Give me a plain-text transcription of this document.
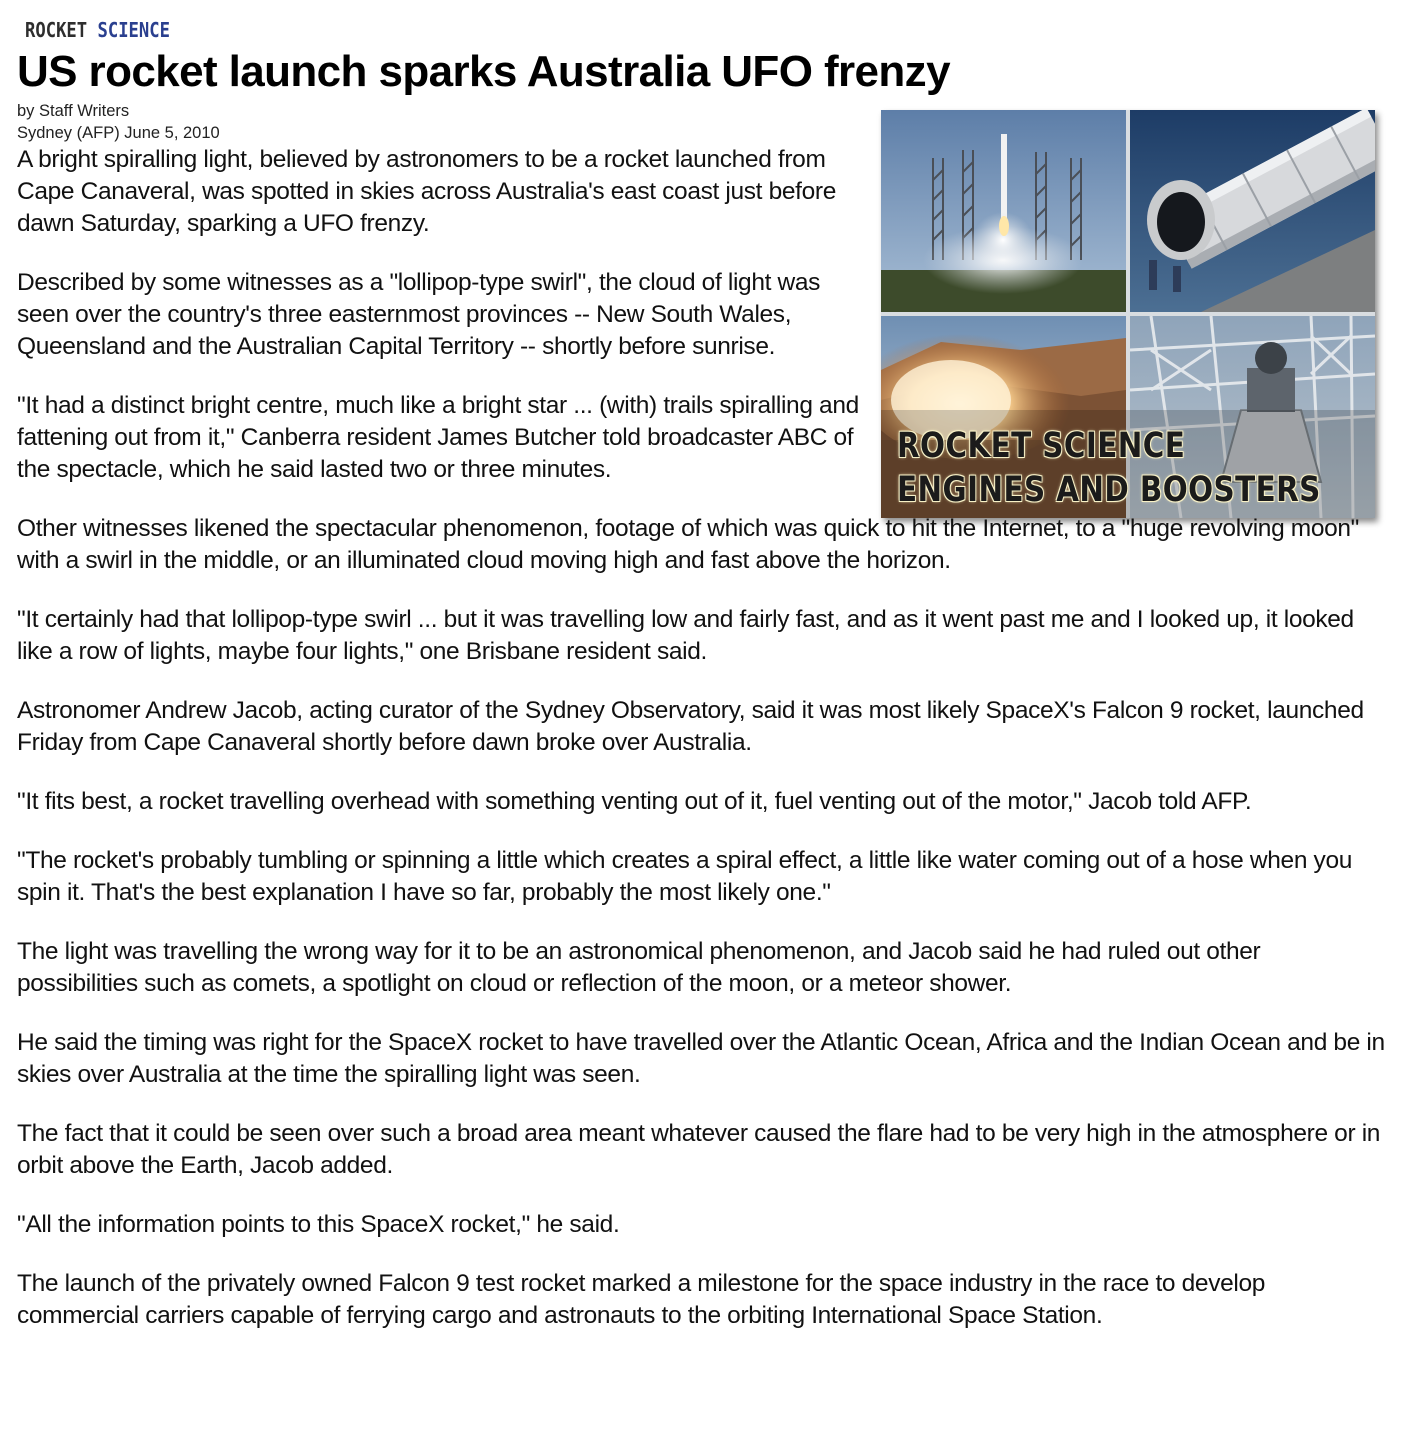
ROCKET SCIENCE
US rocket launch sparks Australia UFO frenzy
by Staff Writers
Sydney (AFP) June 5, 2010
ROCKET SCIENCE
ENGINES AND BOOSTERS

A bright spiralling light, believed by astronomers to be a rocket launched from Cape Canaveral, was spotted in skies across Australia's east coast just before dawn Saturday, sparking a UFO frenzy.

Described by some witnesses as a "lollipop-type swirl", the cloud of light was seen over the country's three easternmost provinces -- New South Wales, Queensland and the Australian Capital Territory -- shortly before sunrise.

"It had a distinct bright centre, much like a bright star ... (with) trails spiralling and fattening out from it," Canberra resident James Butcher told broadcaster ABC of the spectacle, which he said lasted two or three minutes.

Other witnesses likened the spectacular phenomenon, footage of which was quick to hit the Internet, to a "huge revolving moon" with a swirl in the middle, or an illuminated cloud moving high and fast above the horizon.

"It certainly had that lollipop-type swirl ... but it was travelling low and fairly fast, and as it went past me and I looked up, it looked like a row of lights, maybe four lights," one Brisbane resident said.

Astronomer Andrew Jacob, acting curator of the Sydney Observatory, said it was most likely SpaceX's Falcon 9 rocket, launched Friday from Cape Canaveral shortly before dawn broke over Australia.

"It fits best, a rocket travelling overhead with something venting out of it, fuel venting out of the motor," Jacob told AFP.

"The rocket's probably tumbling or spinning a little which creates a spiral effect, a little like water coming out of a hose when you spin it. That's the best explanation I have so far, probably the most likely one."

The light was travelling the wrong way for it to be an astronomical phenomenon, and Jacob said he had ruled out other possibilities such as comets, a spotlight on cloud or reflection of the moon, or a meteor shower.

He said the timing was right for the SpaceX rocket to have travelled over the Atlantic Ocean, Africa and the Indian Ocean and be in skies over Australia at the time the spiralling light was seen.

The fact that it could be seen over such a broad area meant whatever caused the flare had to be very high in the atmosphere or in orbit above the Earth, Jacob added.

"All the information points to this SpaceX rocket," he said.

The launch of the privately owned Falcon 9 test rocket marked a milestone for the space industry in the race to develop commercial carriers capable of ferrying cargo and astronauts to the orbiting International Space Station.
